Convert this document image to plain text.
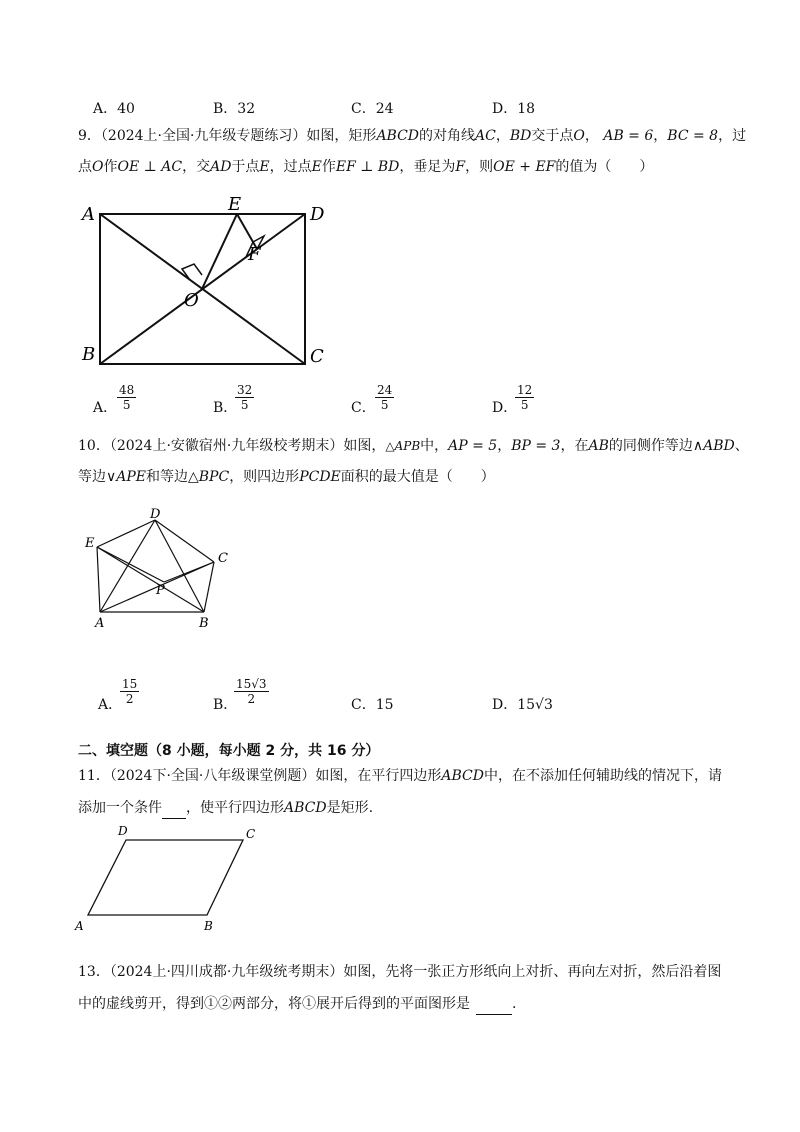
A．40	B．32	C．24	D．18
9．（2024上·全国·九年级专题练习）如图，矩形ABCD的对角线AC，BD交于点O， AB = 6，BC = 8，过
点O作OE ⊥ AC，交AD于点E，过点E作EF ⊥ BD，垂足为F，则OE + EF的值为（　　）
A
B	C
D
E
F
O
A． $\frac{48}{5}$	B．
$\frac{32}{5}$	C． $\frac{24}{5}$	D．
$\frac{12}{5}$
10．（2024上·安徽宿州·九年级校考期末）如图，△APB中，AP = 5，BP = 3，在AB的同侧作等边∧ABD、
等边∨APE和等边△BPC，则四边形PCDE面积的最大值是（　　）
D
E
C
P
A	B
A．
$\frac{15}{2}$	B．
$\frac{15√3}{2}$	C．15	D．15√3
二、填空题（8 小题，每小题 2 分，共 16 分）
11．（2024下·全国·八年级课堂例题）如图，在平行四边形ABCD中，在不添加任何辅助线的情况下，请
添加一个条件 ，使平行四边形ABCD是矩形.
D	C
A	B
13．（2024上·四川成都·九年级统考期末）如图，先将一张正方形纸向上对折、再向左对折，然后沿着图
中的虚线剪开，得到①②两部分，将①展开后得到的平面图形是	.
